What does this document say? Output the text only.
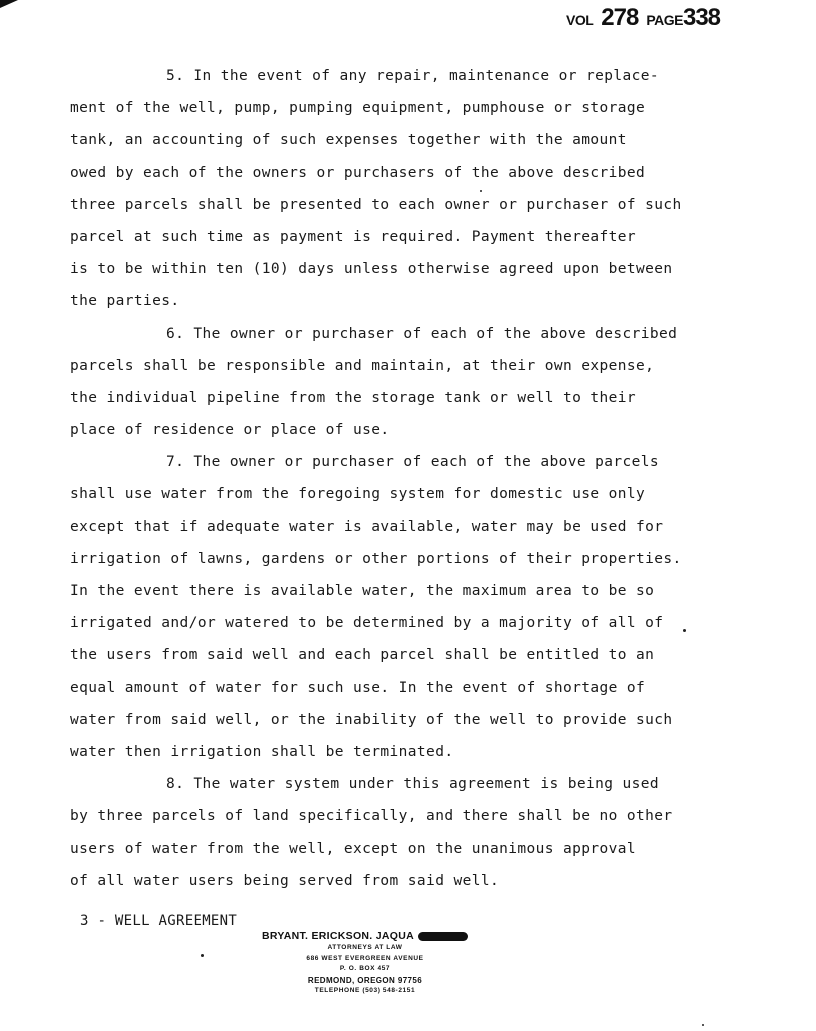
VOL 278 PAGE338
5. In the event of any repair, maintenance or replace-
ment of the well, pump, pumping equipment, pumphouse or storage
tank, an accounting of such expenses together with the amount
owed by each of the owners or purchasers of the above described
three parcels shall be presented to each owner or purchaser of such
parcel at such time as payment is required. Payment thereafter
is to be within ten (10) days unless otherwise agreed upon between
the parties.
6. The owner or purchaser of each of the above described
parcels shall be responsible and maintain, at their own expense,
the individual pipeline from the storage tank or well to their
place of residence or place of use.
7. The owner or purchaser of each of the above parcels
shall use water from the foregoing system for domestic use only
except that if adequate water is available, water may be used for
irrigation of lawns, gardens or other portions of their properties.
In the event there is available water, the maximum area to be so
irrigated and/or watered to be determined by a majority of all of
the users from said well and each parcel shall be entitled to an
equal amount of water for such use. In the event of shortage of
water from said well, or the inability of the well to provide such
water then irrigation shall be terminated.
8. The water system under this agreement is being used
by three parcels of land specifically, and there shall be no other
users of water from the well, except on the unanimous approval
of all water users being served from said well.
3 - WELL AGREEMENT
BRYANT. ERICKSON. JAQUA
ATTORNEYS AT LAW
686 WEST EVERGREEN AVENUE
P. O. BOX 457
REDMOND, OREGON 97756
TELEPHONE (503) 548-2151
